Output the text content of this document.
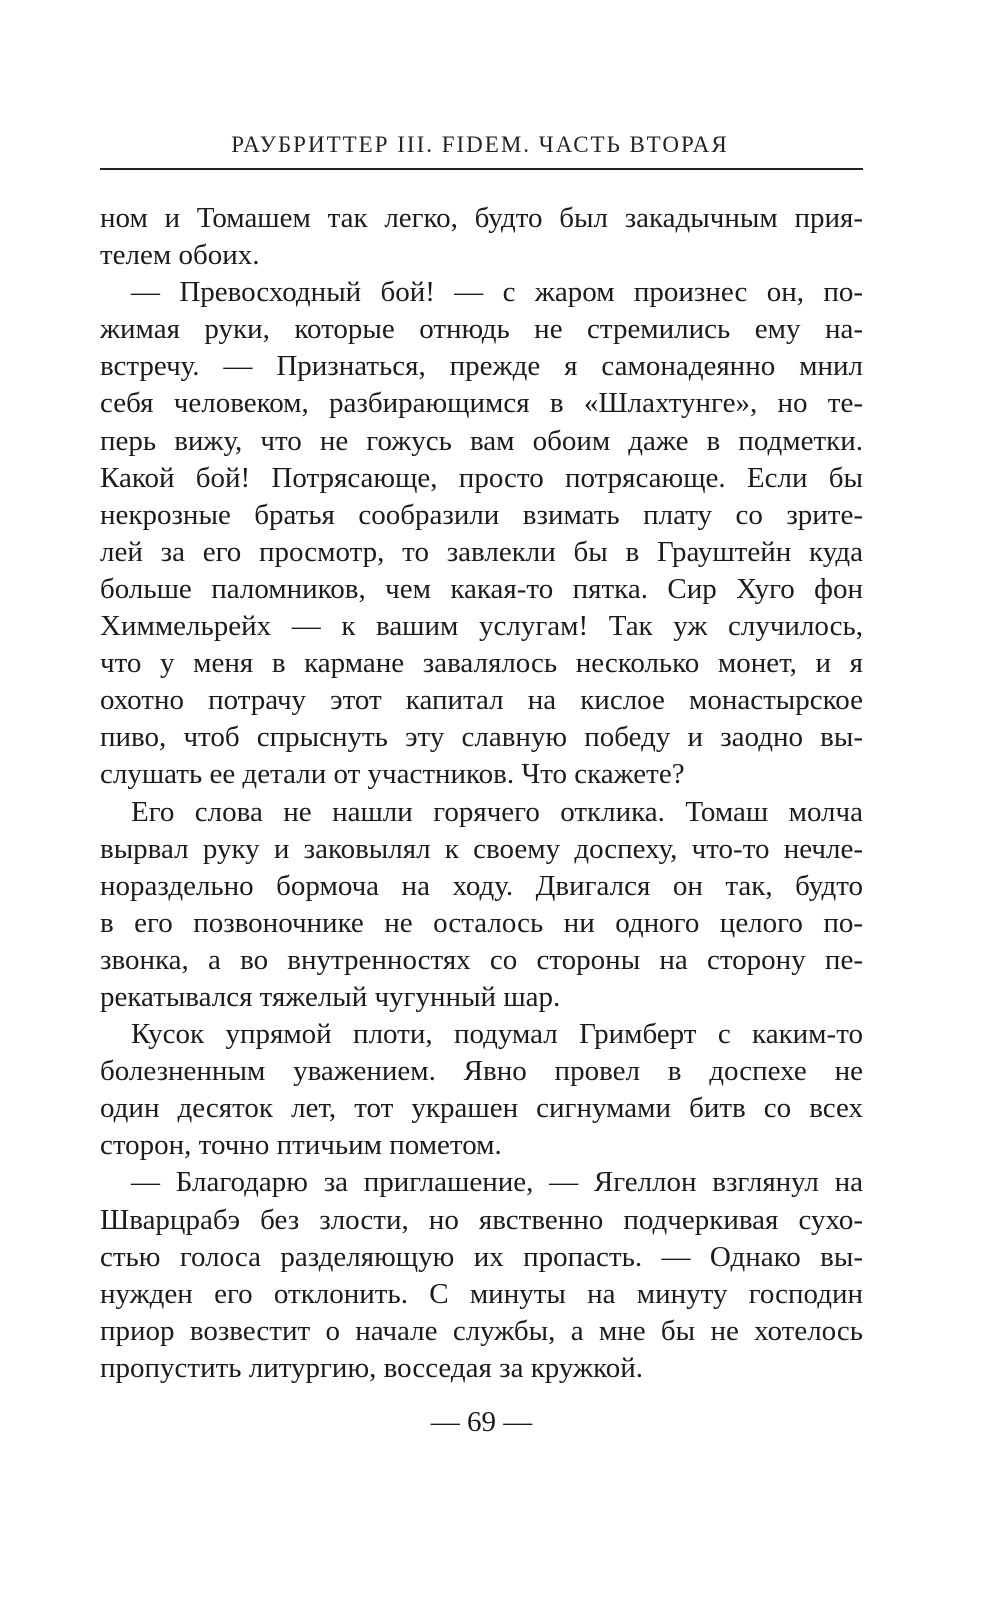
РАУБРИТТЕР III. FIDEM. ЧАСТЬ ВТОРАЯ
ном и Томашем так легко, будто был закадычным прия-
телем обоих.
— Превосходный бой! — с жаром произнес он, по-
жимая руки, которые отнюдь не стремились ему на-
встречу. — Признаться, прежде я самонадеянно мнил
себя человеком, разбирающимся в «Шлахтунге», но те-
перь вижу, что не гожусь вам обоим даже в подметки.
Какой бой! Потрясающе, просто потрясающе. Если бы
некрозные братья сообразили взимать плату со зрите-
лей за его просмотр, то завлекли бы в Грауштейн куда
больше паломников, чем какая-то пятка. Сир Хуго фон
Химмельрейх — к вашим услугам! Так уж случилось,
что у меня в кармане завалялось несколько монет, и я
охотно потрачу этот капитал на кислое монастырское
пиво, чтоб спрыснуть эту славную победу и заодно вы-
слушать ее детали от участников. Что скажете?
Его слова не нашли горячего отклика. Томаш молча
вырвал руку и заковылял к своему доспеху, что-то нечле-
нораздельно бормоча на ходу. Двигался он так, будто
в его позвоночнике не осталось ни одного целого по-
звонка, а во внутренностях со стороны на сторону пе-
рекатывался тяжелый чугунный шар.
Кусок упрямой плоти, подумал Гримберт с каким-то
болезненным уважением. Явно провел в доспехе не
один десяток лет, тот украшен сигнумами битв со всех
сторон, точно птичьим пометом.
— Благодарю за приглашение, — Ягеллон взглянул на
Шварцрабэ без злости, но явственно подчеркивая сухо-
стью голоса разделяющую их пропасть. — Однако вы-
нужден его отклонить. С минуты на минуту господин
приор возвестит о начале службы, а мне бы не хотелось
пропустить литургию, восседая за кружкой.
— 69 —
